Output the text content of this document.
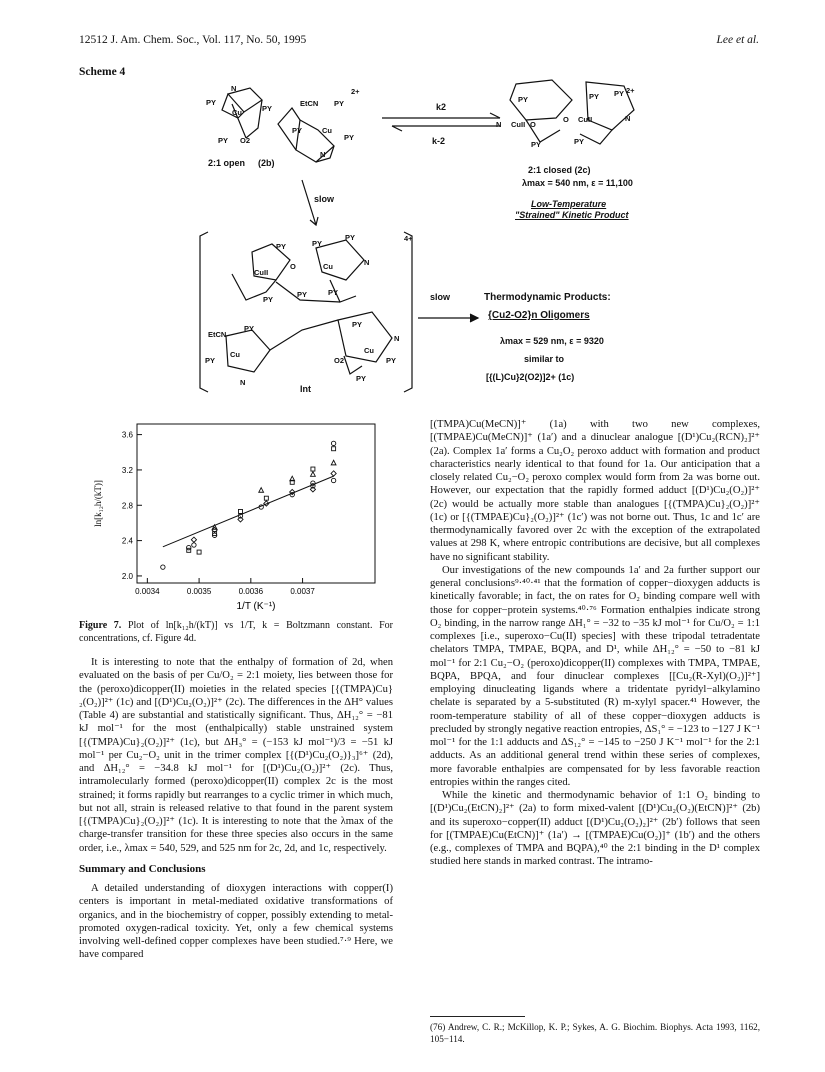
12512 J. Am. Chem. Soc., Vol. 117, No. 50, 1995	Lee et al.
Scheme 4
PY
N
PY
Cu
PY O2
EtCN PY
2+
PY	Cu
PY
N
2:1 open (2b)
k2
k-2
PY
N CuII O
O CuII	N
PY PY 2+
PY	PY
2:1 closed (2c)
λmax = 540 nm, ε = 11,100
Low-Temperature
"Strained" Kinetic Product
slow
PY	PY
PY
CuII
O	Cu	N
PY
PY
PY
4+
EtCN
PY
PY
Cu
N
PY
N
O2
Cu
PY
PY
Int
slow	Thermodynamic Products:
{Cu2-O2}n Oligomers
λmax = 529 nm, ε = 9320
similar to
[{(L)Cu}2(O2)]2+ (1c)
0.0034	0.0035	0.0036	0.0037
2.0
2.4
2.8
3.2
3.6
1/T (K⁻¹)
ln[k₁₂h/(kT)]
Figure 7. Plot of ln[k₁₂h/(kT)] vs 1/T, k = Boltzmann constant. For concentrations, cf. Figure 4d.

It is interesting to note that the enthalpy of formation of 2d, when evaluated on the basis of per Cu/O₂ = 2:1 moiety, lies between those for the (peroxo)dicopper(II) moieties in the related species [{(TMPA)Cu}₂(O₂)]²⁺ (1c) and [(D¹)Cu₂(O₂)]²⁺ (2c). The differences in the ΔH° values (Table 4) are substantial and statistically significant. Thus, ΔH₁₂° = −81 kJ mol⁻¹ for the most (enthalpically) stable unstrained system [{(TMPA)Cu}₂(O₂)]²⁺ (1c), but ΔH₃° = (−153 kJ mol⁻¹)/3 = −51 kJ mol⁻¹ per Cu₂−O₂ unit in the trimer complex [{(D¹)Cu₂(O₂)}₃]⁶⁺ (2d), and ΔH₁₂° = −34.8 kJ mol⁻¹ for [(D¹)Cu₂(O₂)]²⁺ (2c). Thus, intramolecularly formed (peroxo)dicopper(II) complex 2c is the most strained; it forms rapidly but rearranges to a cyclic trimer in which much, but not all, strain is released relative to that found in the parent system [{(TMPA)Cu}₂(O₂)]²⁺ (1c). It is interesting to note that the λmax of the charge-transfer transition for these three species also occurs in the same order, i.e., λmax = 540, 529, and 525 nm for 2c, 2d, and 1c, respectively.

Summary and Conclusions

A detailed understanding of dioxygen interactions with copper(I) centers is important in metal-mediated oxidative transformations of organics, and in the biochemistry of copper, possibly extending to metal-promoted oxygen-radical toxicity. Yet, only a few chemical systems involving well-defined copper complexes have been studied.⁷·⁹ Here, we have compared

[(TMPA)Cu(MeCN)]⁺ (1a) with two new complexes, [(TMPAE)Cu(MeCN)]⁺ (1a′) and a dinuclear analogue [(D¹)Cu₂(RCN)₂]²⁺ (2a). Complex 1a′ forms a Cu₂O₂ peroxo adduct with formation and product characteristics nearly identical to that found for 1a. Our anticipation that a closely related Cu₂−O₂ peroxo complex would form from 2a was borne out. However, our expectation that the rapidly formed adduct [(D¹)Cu₂(O₂)]²⁺ (2c) would be actually more stable than analogues [{(TMPA)Cu}₂(O₂)]²⁺ (1c) or [{(TMPAE)Cu}₂(O₂)]²⁺ (1c′) was not borne out. Thus, 1c and 1c′ are thermodynamically favored over 2c with the exception of the extrapolated values at 298 K, where entropic contributions are decisive, but all complexes have no significant stability.

Our investigations of the new compounds 1a′ and 2a further support our general conclusions⁹·⁴⁰·⁴¹ that the formation of copper−dioxygen adducts is kinetically favorable; in fact, the on rates for O₂ binding compare well with those for copper−protein systems.⁴⁰·⁷⁶ Formation enthalpies indicate strong O₂ binding, in the narrow range ΔH₁° = −32 to −35 kJ mol⁻¹ for Cu/O₂ = 1:1 complexes [i.e., superoxo−Cu(II) species] with these tripodal tetradentate chelators TMPA, TMPAE, BQPA, and D¹, while ΔH₁₂° = −50 to −81 kJ mol⁻¹ for 2:1 Cu₂−O₂ (peroxo)dicopper(II) complexes with TMPA, TMPAE, BQPA, BPQA, and four dinuclear complexes [[Cu₂(R-Xyl)(O₂)]²⁺] employing dinucleating ligands where a tridentate pyridyl−alkylamino chelate is separated by a 5-substituted (R) m-xylyl spacer.⁴¹ However, the room-temperature stability of all of these copper−dioxygen adducts is precluded by strongly negative reaction entropies, ΔS₁° = −123 to −127 J K⁻¹ mol⁻¹ for the 1:1 adducts and ΔS₁₂° = −145 to −250 J K⁻¹ mol⁻¹ for the 2:1 adducts. As an additional general trend within these series of complexes, more favorable enthalpies are compensated for by less favorable reaction entropies within the ranges cited.

While the kinetic and thermodynamic behavior of 1:1 O₂ binding to [(D¹)Cu₂(EtCN)₂]²⁺ (2a) to form mixed-valent [(D¹)Cu₂(O₂)(EtCN)]²⁺ (2b) and its superoxo−copper(II) adduct [(D¹)Cu₂(O₂)₂]²⁺ (2b′) follows that seen for [(TMPAE)Cu(EtCN)]⁺ (1a′) → [(TMPAE)Cu(O₂)]⁺ (1b′) and the others (e.g., complexes of TMPA and BQPA),⁴⁰ the 2:1 binding in the D¹ complex studied here stands in marked contrast. The intramo-

(76) Andrew, C. R.; McKillop, K. P.; Sykes, A. G. Biochim. Biophys. Acta 1993, 1162, 105−114.
